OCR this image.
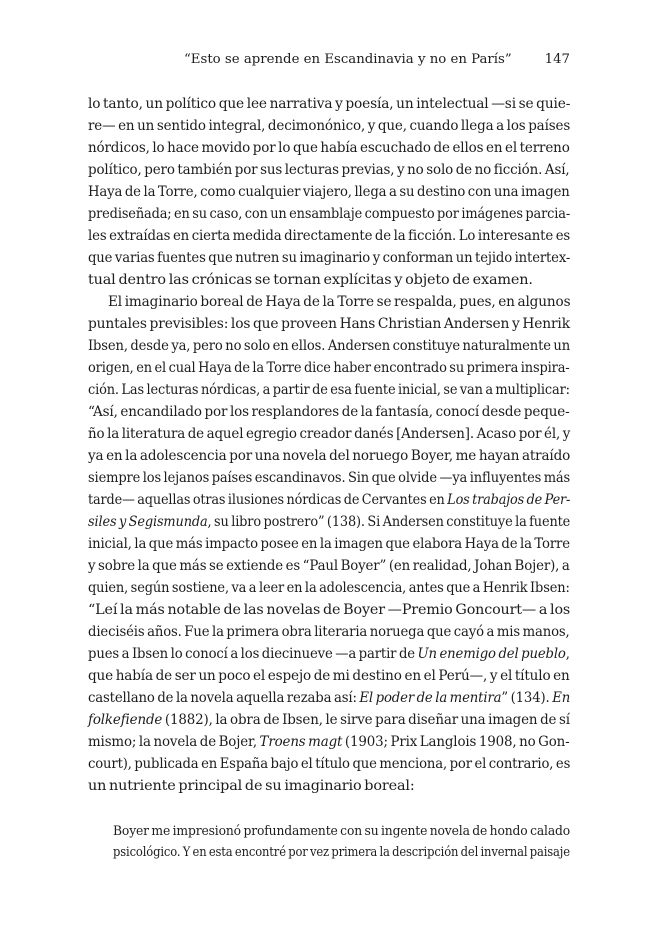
“Esto se aprende en Escandinavia y no en París” 147
lo tanto, un político que lee narrativa y poesía, un intelectual —si se quie-
re— en un sentido integral, decimonónico, y que, cuando llega a los países
nórdicos, lo hace movido por lo que había escuchado de ellos en el terreno
político, pero también por sus lecturas previas, y no solo de no ficción. Así,
Haya de la Torre, como cualquier viajero, llega a su destino con una imagen
prediseñada; en su caso, con un ensamblaje compuesto por imágenes parcia-
les extraídas en cierta medida directamente de la ficción. Lo interesante es
que varias fuentes que nutren su imaginario y conforman un tejido intertex-
tual dentro las crónicas se tornan explícitas y objeto de examen.
El imaginario boreal de Haya de la Torre se respalda, pues, en algunos
puntales previsibles: los que proveen Hans Christian Andersen y Henrik
Ibsen, desde ya, pero no solo en ellos. Andersen constituye naturalmente un
origen, en el cual Haya de la Torre dice haber encontrado su primera inspira-
ción. Las lecturas nórdicas, a partir de esa fuente inicial, se van a multiplicar:
“Así, encandilado por los resplandores de la fantasía, conocí desde peque-
ño la literatura de aquel egregio creador danés [Andersen]. Acaso por él, y
ya en la adolescencia por una novela del noruego Boyer, me hayan atraído
siempre los lejanos países escandinavos. Sin que olvide —ya influyentes más
tarde— aquellas otras ilusiones nórdicas de Cervantes en Los trabajos de Per-
siles y Segismunda, su libro postrero” (138). Si Andersen constituye la fuente
inicial, la que más impacto posee en la imagen que elabora Haya de la Torre
y sobre la que más se extiende es “Paul Boyer” (en realidad, Johan Bojer), a
quien, según sostiene, va a leer en la adolescencia, antes que a Henrik Ibsen:
“Leí la más notable de las novelas de Boyer —Premio Goncourt— a los
dieciséis años. Fue la primera obra literaria noruega que cayó a mis manos,
pues a Ibsen lo conocí a los diecinueve —a partir de Un enemigo del pueblo,
que había de ser un poco el espejo de mi destino en el Perú—, y el título en
castellano de la novela aquella rezaba así: El poder de la mentira” (134). En
folkefiende (1882), la obra de Ibsen, le sirve para diseñar una imagen de sí
mismo; la novela de Bojer, Troens magt (1903; Prix Langlois 1908, no Gon-
court), publicada en España bajo el título que menciona, por el contrario, es
un nutriente principal de su imaginario boreal:
Boyer me impresionó profundamente con su ingente novela de hondo calado
psicológico. Y en esta encontré por vez primera la descripción del invernal paisaje
